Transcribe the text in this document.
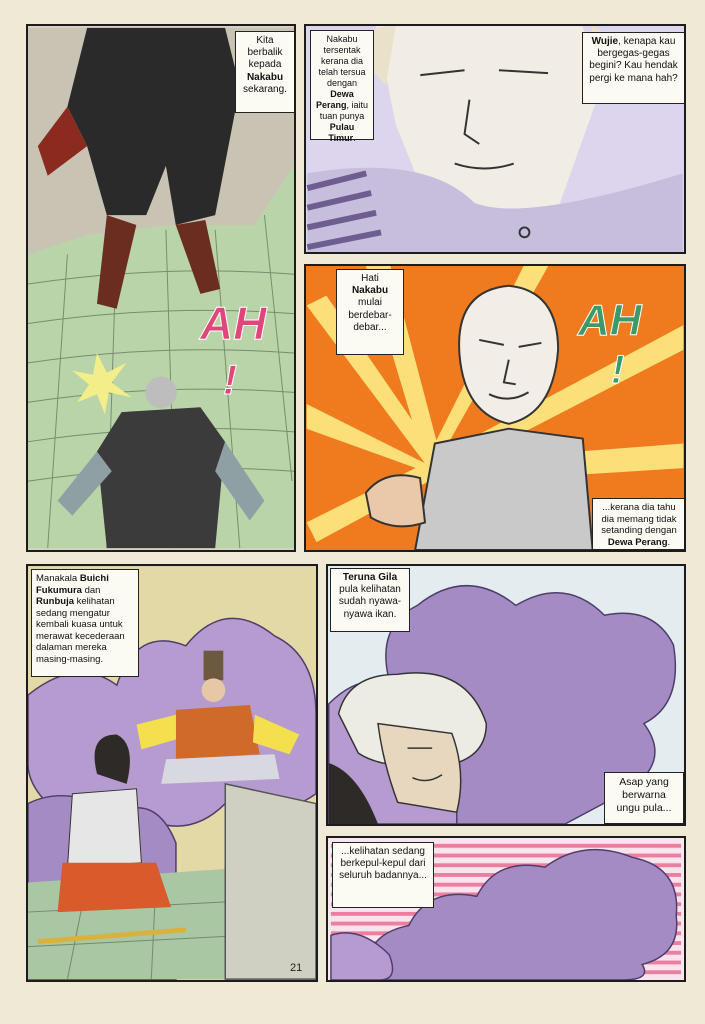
Kita
berbalik
kepada
Nakabu
sekarang.
AH
!
Nakabu tersentak kerana dia telah tersua dengan Dewa Perang, iaitu tuan punya Pulau Timur.
Wujie, kenapa kau bergegas-gegas begini? Kau hendak pergi ke mana hah?
Hati
Nakabu
mulai berdebar-debar...	AH
!
...kerana dia tahu dia memang tidak setanding dengan Dewa Perang.
Manakala Buichi Fukumura dan Runbuja kelihatan sedang mengatur kembali kuasa untuk merawat kecederaan dalaman mereka masing-masing.
21
Teruna Gila
pula kelihatan sudah nyawa-nyawa ikan.
Asap yang berwarna ungu pula...
...kelihatan sedang berkepul-kepul dari seluruh badannya...
